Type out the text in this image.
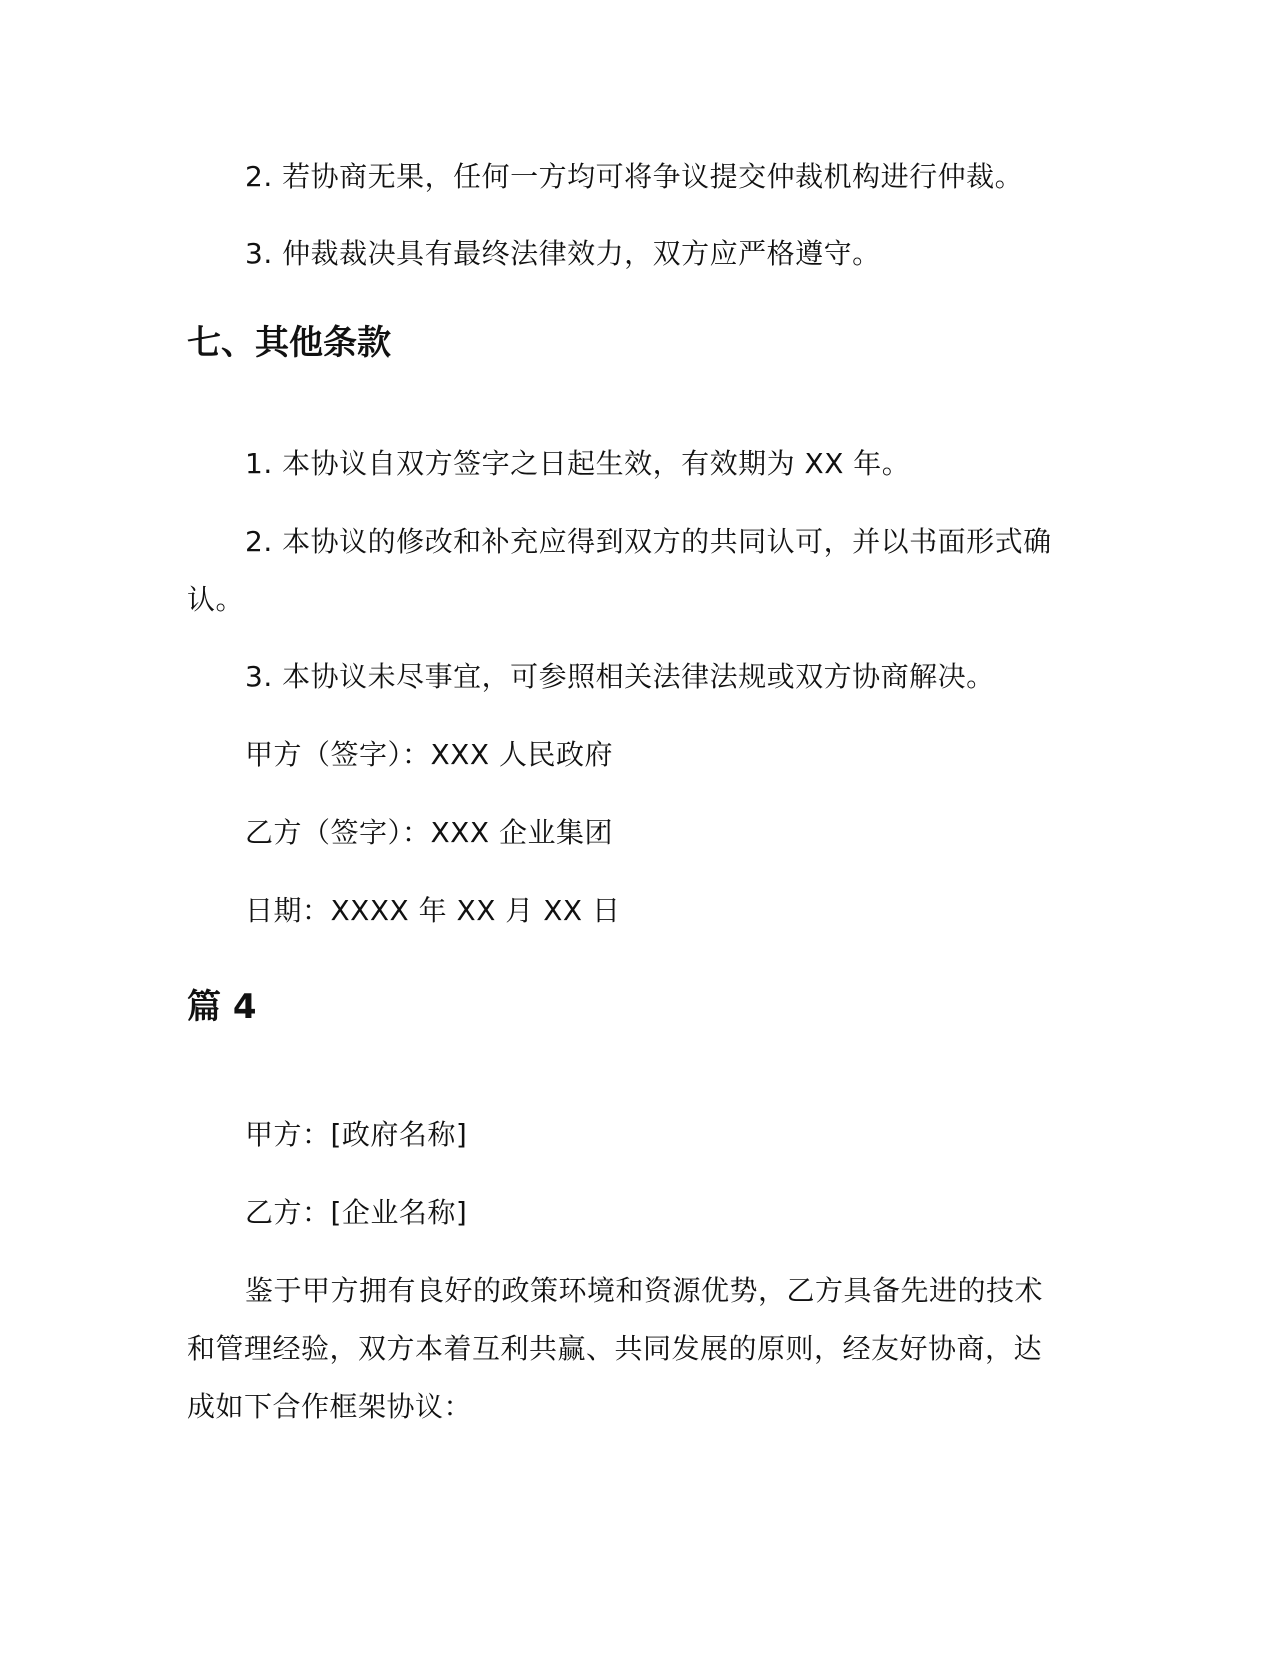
2. 若协商无果，任何一方均可将争议提交仲裁机构进行仲裁。
3. 仲裁裁决具有最终法律效力，双方应严格遵守。
七、其他条款
1. 本协议自双方签字之日起生效，有效期为 XX 年。
2. 本协议的修改和补充应得到双方的共同认可，并以书面形式确
认。
3. 本协议未尽事宜，可参照相关法律法规或双方协商解决。
甲方（签字）：XXX 人民政府
乙方（签字）：XXX 企业集团
日期：XXXX 年 XX 月 XX 日
篇 4
甲方：[政府名称]
乙方：[企业名称]
鉴于甲方拥有良好的政策环境和资源优势，乙方具备先进的技术
和管理经验，双方本着互利共赢、共同发展的原则，经友好协商，达
成如下合作框架协议：
